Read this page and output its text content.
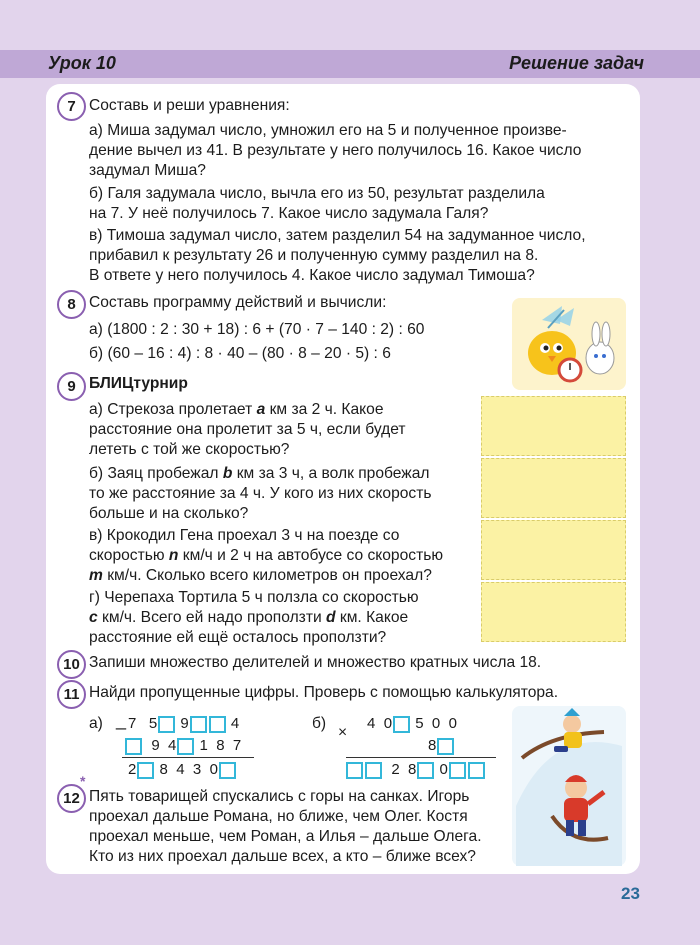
Урок 10	Решение задач
7 Составь и реши уравнения:
а) Миша задумал число, умножил его на 5 и полученное произве-
дение вычел из 41. В результате у него получилось 16. Какое число
задумал Миша?
б) Галя задумала число, вычла его из 50, результат разделила
на 7. У неё получилось 7. Какое число задумала Галя?
в) Тимоша задумал число, затем разделил 54 на задуманное число,
прибавил к результату 26 и полученную сумму разделил на 8.
В ответе у него получилось 4. Какое число задумал Тимоша?
8 Составь программу действий и вычисли:
а) (1800 : 2 : 30 + 18) : 6 + (70 · 7 – 140 : 2) : 60
б) (60 – 16 : 4) : 8 · 40 – (80 · 8 – 20 · 5) : 6
9 БЛИЦтурнир
а) Стрекоза пролетает a км за 2 ч. Какое
расстояние она пролетит за 5 ч, если будет
лететь с той же скоростью?
б) Заяц пробежал b км за 3 ч, а волк пробежал
то же расстояние за 4 ч. У кого из них скорость
больше и на сколько?
в) Крокодил Гена проехал 3 ч на поезде со
скоростью n км/ч и 2 ч на автобусе со скоростью
m км/ч. Сколько всего километров он проехал?
г) Черепаха Тортила 5 ч ползла со скоростью
c км/ч. Всего ей надо проползти d км. Какое
расстояние ей ещё осталось проползти?
10 Запиши множество делителей и множество кратных числа 18.
11 Найди пропущенные цифры. Проверь с помощью калькулятора.
а) _ 7 5 9	4
9 4 1 8 7
2 8 4 3 0
б)
×
4 0 5 0 0
8
2 8 0
*
12 Пять товарищей спускались с горы на санках. Игорь
проехал дальше Романа, но ближе, чем Олег. Костя
проехал меньше, чем Роман, а Илья – дальше Олега.
Кто из них проехал дальше всех, а кто – ближе всех?
23
